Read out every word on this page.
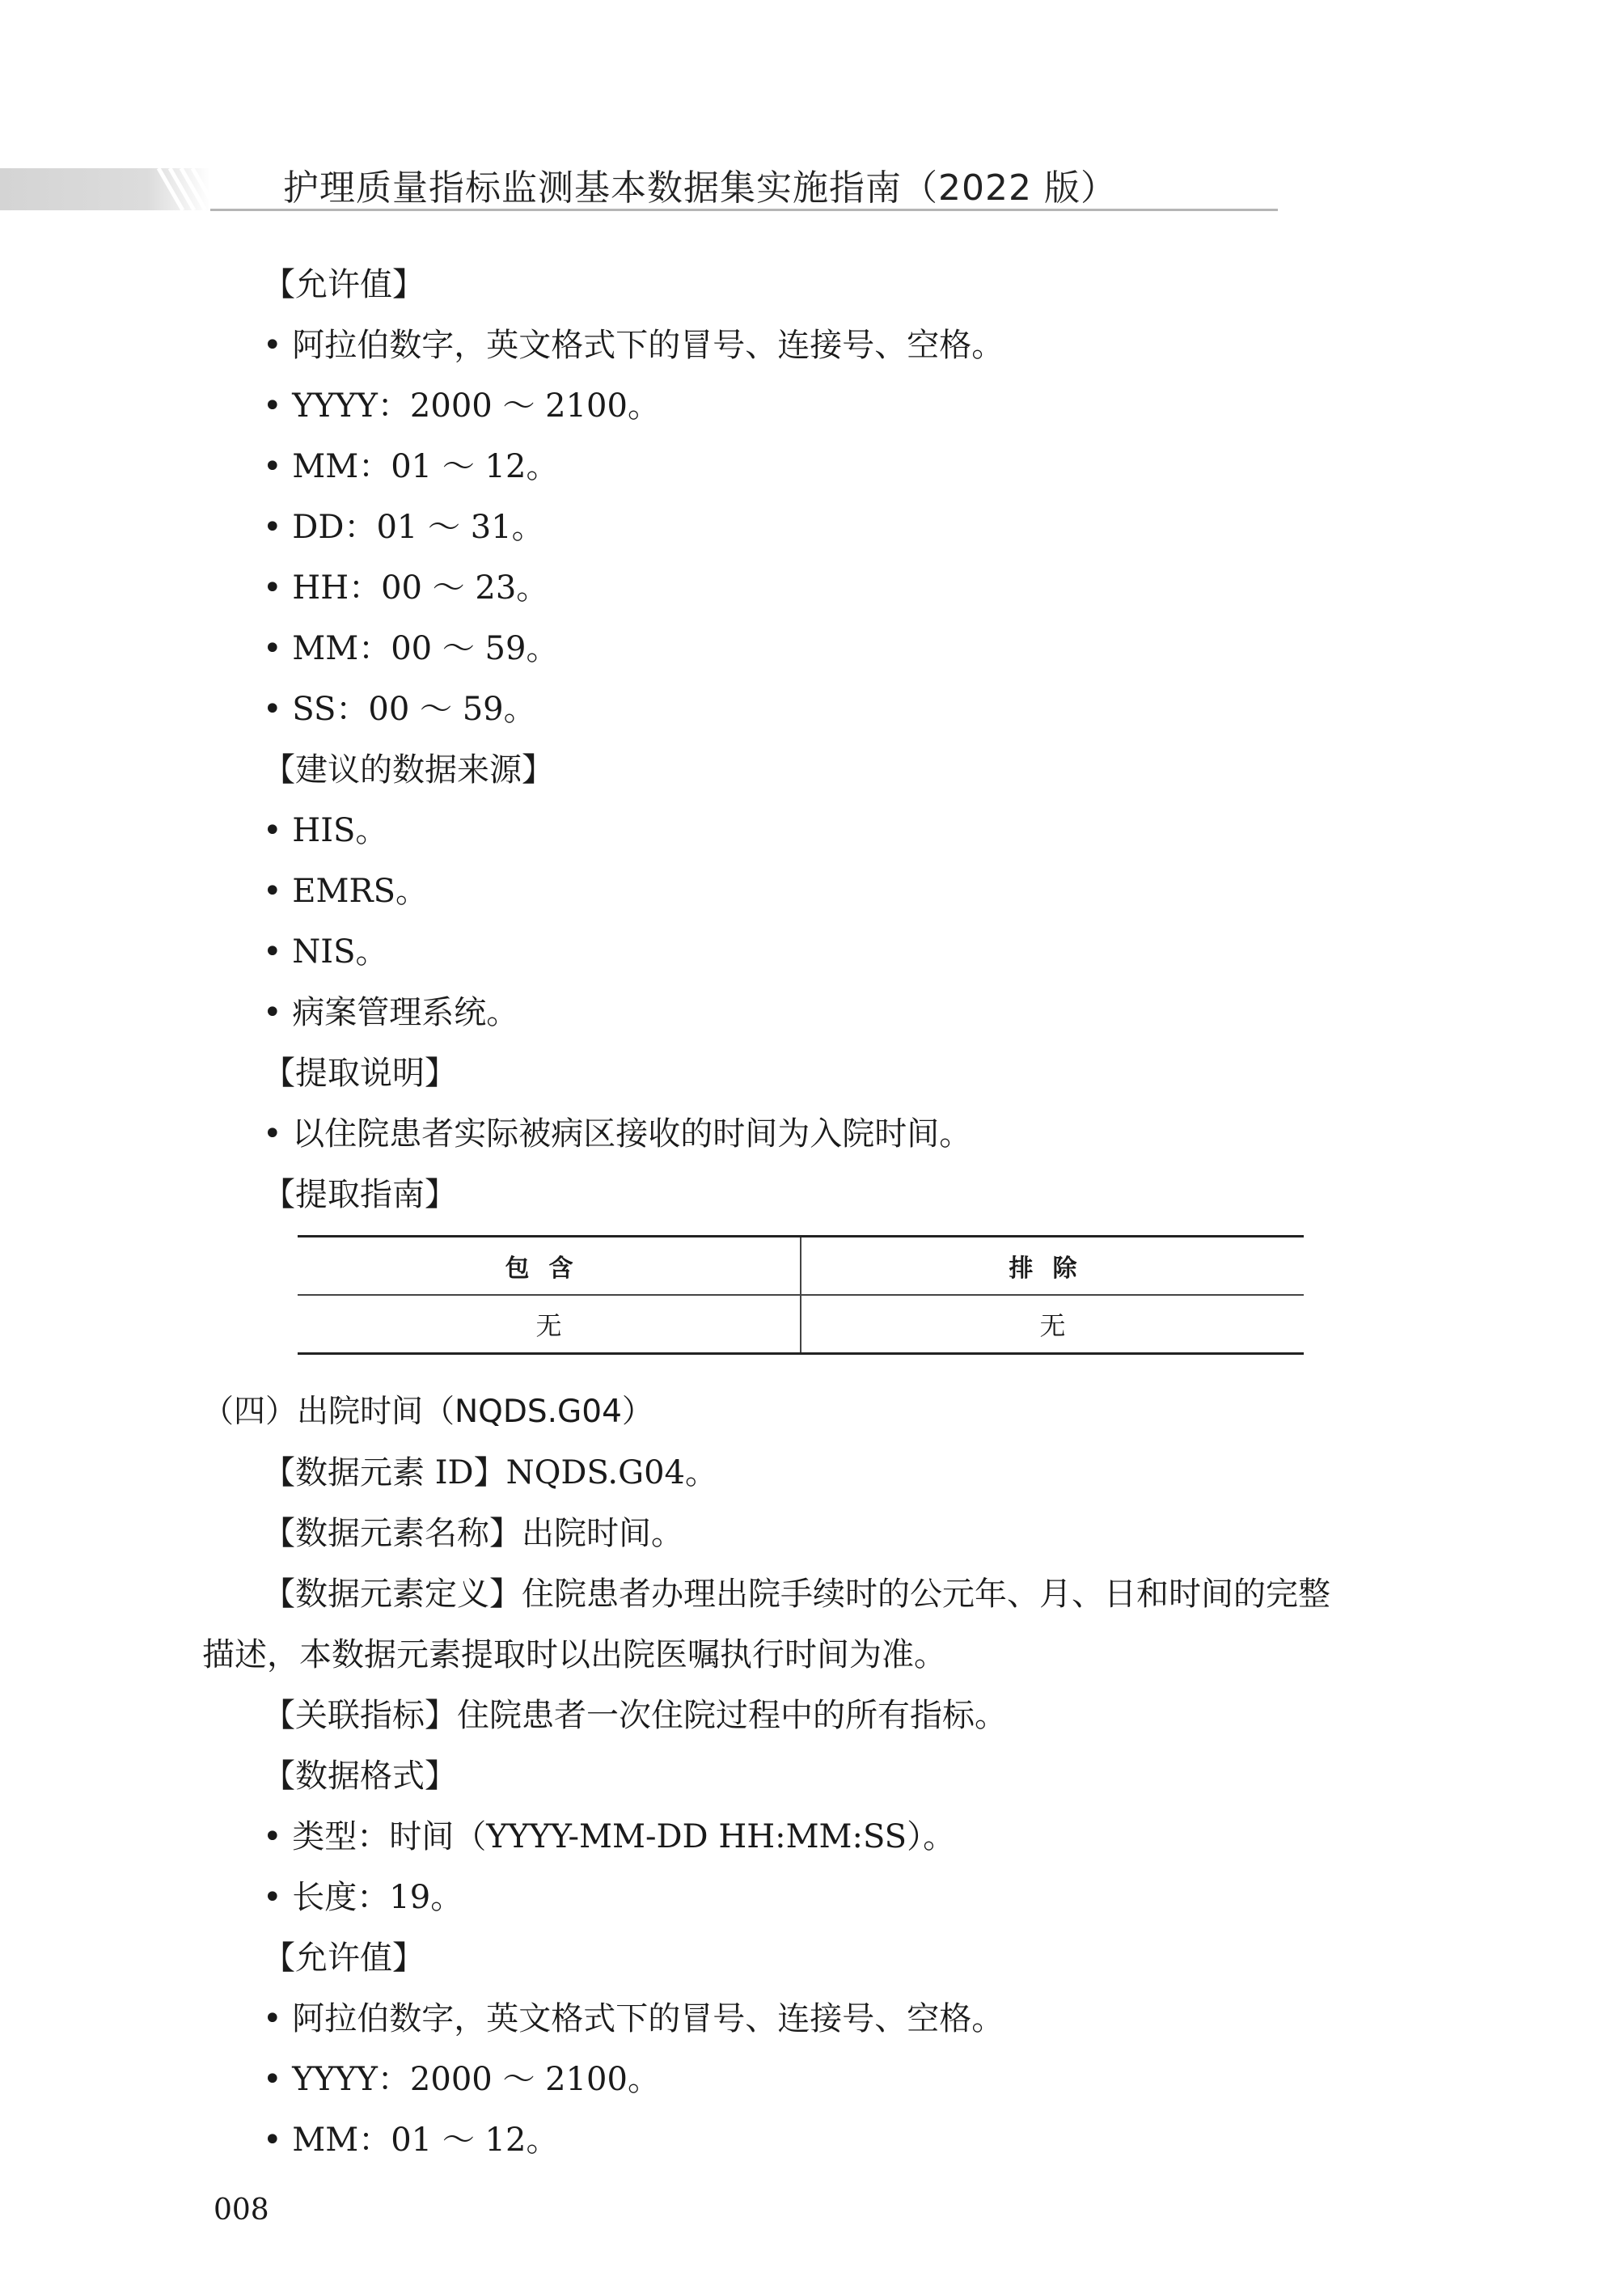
护理质量指标监测基本数据集实施指南（2022 版）
【允许值】
• 阿拉伯数字，英文格式下的冒号、连接号、空格。
• YYYY：2000 ～ 2100。
• MM：01 ～ 12。
• DD：01 ～ 31。
• HH：00 ～ 23。
• MM：00 ～ 59。
• SS：00 ～ 59。
【建议的数据来源】
• HIS。
• EMRS。
• NIS。
• 病案管理系统。
【提取说明】
• 以住院患者实际被病区接收的时间为入院时间。
【提取指南】
包含	排除
无	无
（四）出院时间（NQDS.G04）
【数据元素 ID】NQDS.G04。
【数据元素名称】出院时间。
【数据元素定义】住院患者办理出院手续时的公元年、月、日和时间的完整
描述，本数据元素提取时以出院医嘱执行时间为准。
【关联指标】住院患者一次住院过程中的所有指标。
【数据格式】
• 类型：时间（YYYY-MM-DD HH:MM:SS）。
• 长度：19。
【允许值】
• 阿拉伯数字，英文格式下的冒号、连接号、空格。
• YYYY：2000 ～ 2100。
• MM：01 ～ 12。
008
